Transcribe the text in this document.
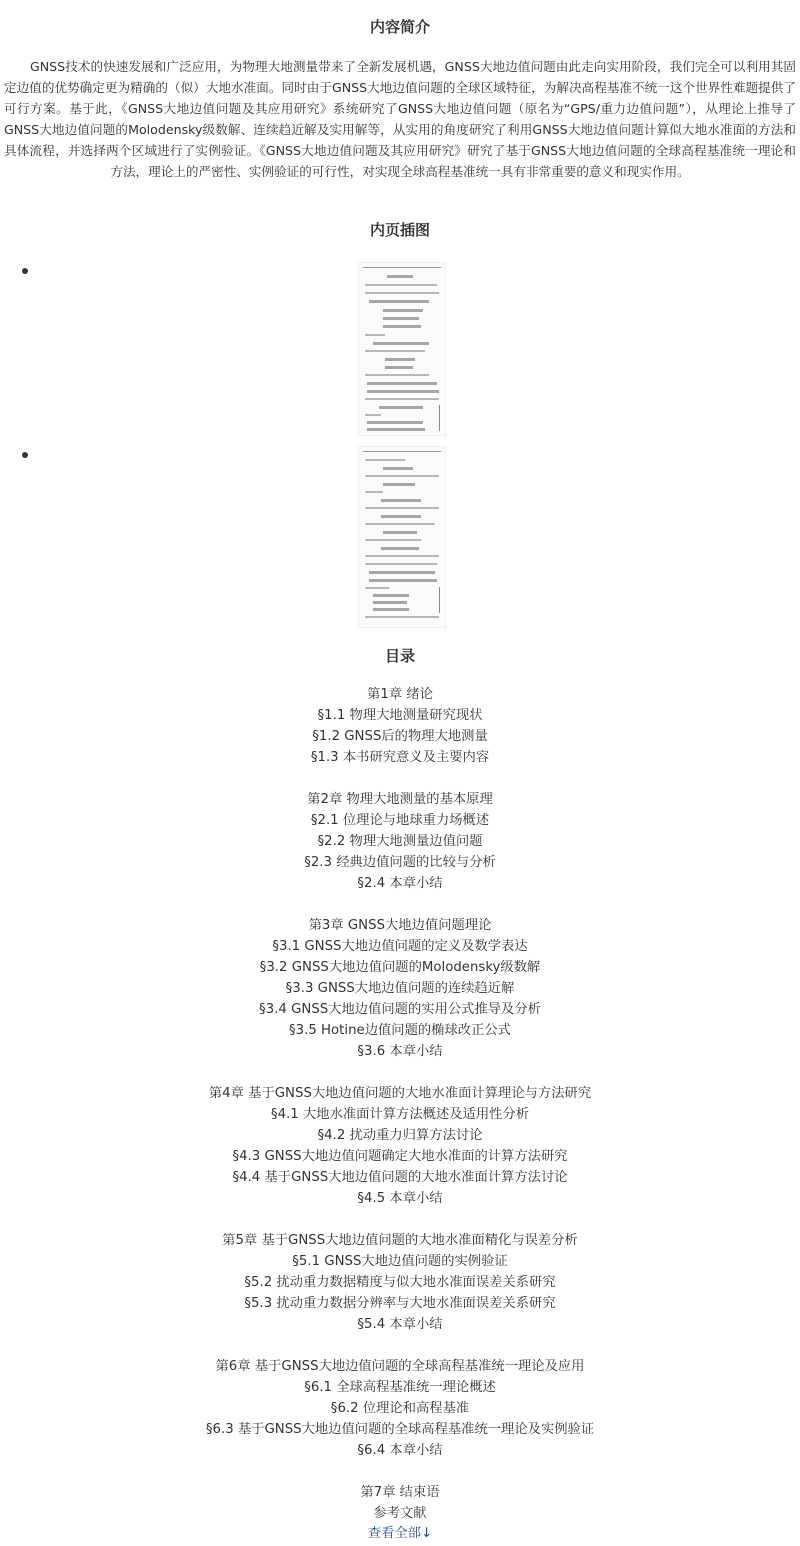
内容简介

GNSS技术的快速发展和广泛应用，为物理大地测量带来了全新发展机遇，GNSS大地边值问题由此走向实用阶段，我们完全可以利用其固定边值的优势确定更为精确的（似）大地水准面。同时由于GNSS大地边值问题的全球区域特征，为解决高程基准不统一这个世界性难题提供了可行方案。基于此，《GNSS大地边值问题及其应用研究》系统研究了GNSS大地边值问题（原名为“GPS/重力边值问题”），从理论上推导了GNSS大地边值问题的Molodensky级数解、连续趋近解及实用解等，从实用的角度研究了利用GNSS大地边值问题计算似大地水准面的方法和具体流程，并选择两个区域进行了实例验证。《GNSS大地边值问题及其应用研究》研究了基于GNSS大地边值问题的全球高程基准统一理论和方法，理论上的严密性、实例验证的可行性，对实现全球高程基准统一具有非常重要的意义和现实作用。

内页插图
目录
第1章 绪论
§1.1 物理大地测量研究现状
§1.2 GNSS后的物理大地测量
§1.3 本书研究意义及主要内容
第2章 物理大地测量的基本原理
§2.1 位理论与地球重力场概述
§2.2 物理大地测量边值问题
§2.3 经典边值问题的比较与分析
§2.4 本章小结
第3章 GNSS大地边值问题理论
§3.1 GNSS大地边值问题的定义及数学表达
§3.2 GNSS大地边值问题的Molodensky级数解
§3.3 GNSS大地边值问题的连续趋近解
§3.4 GNSS大地边值问题的实用公式推导及分析
§3.5 Hotine边值问题的椭球改正公式
§3.6 本章小结
第4章 基于GNSS大地边值问题的大地水准面计算理论与方法研究
§4.1 大地水准面计算方法概述及适用性分析
§4.2 扰动重力归算方法讨论
§4.3 GNSS大地边值问题确定大地水准面的计算方法研究
§4.4 基于GNSS大地边值问题的大地水准面计算方法讨论
§4.5 本章小结
第5章 基于GNSS大地边值问题的大地水准面精化与误差分析
§5.1 GNSS大地边值问题的实例验证
§5.2 扰动重力数据精度与似大地水准面误差关系研究
§5.3 扰动重力数据分辨率与大地水准面误差关系研究
§5.4 本章小结
第6章 基于GNSS大地边值问题的全球高程基准统一理论及应用
§6.1 全球高程基准统一理论概述
§6.2 位理论和高程基准
§6.3 基于GNSS大地边值问题的全球高程基准统一理论及实例验证
§6.4 本章小结
第7章 结束语
参考文献
查看全部↓
